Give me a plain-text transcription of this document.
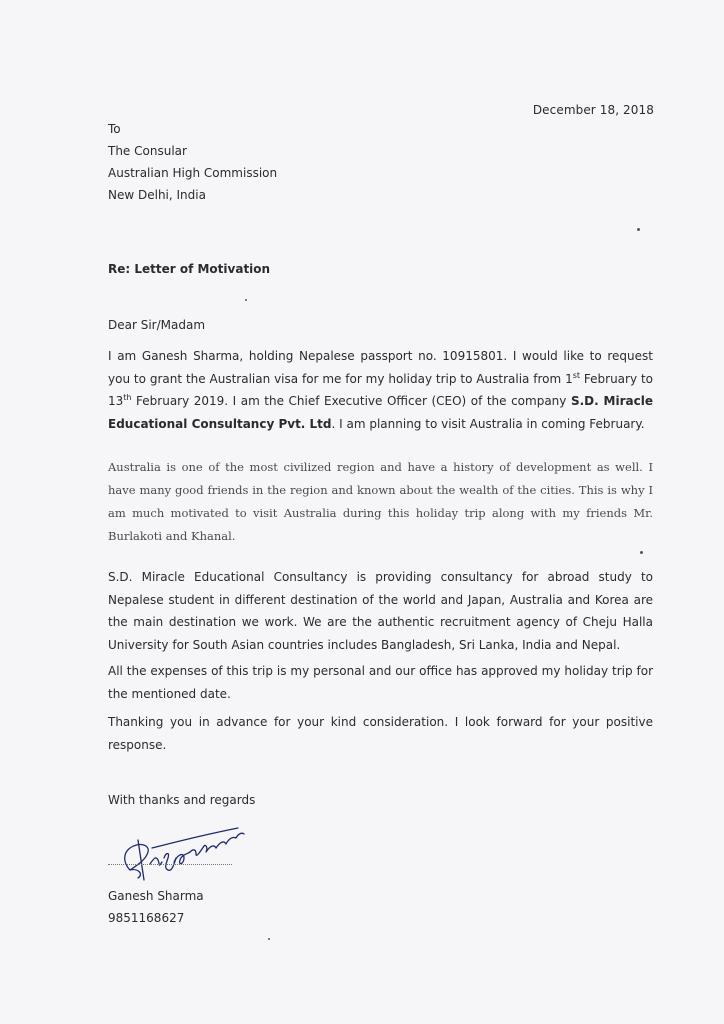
December 18, 2018
To
The Consular
Australian High Commission
New Delhi, India
Re: Letter of Motivation
Dear Sir/Madam

I am Ganesh Sharma, holding Nepalese passport no. 10915801. I would like to request you to grant the Australian visa for me for my holiday trip to Australia from 1st February to 13th February 2019. I am the Chief Executive Officer (CEO) of the company S.D. Miracle Educational Consultancy Pvt. Ltd. I am planning to visit Australia in coming February.

Australia is one of the most civilized region and have a history of development as well. I have many good friends in the region and known about the wealth of the cities. This is why I am much motivated to visit Australia during this holiday trip along with my friends Mr. Burlakoti and Khanal.

S.D. Miracle Educational Consultancy is providing consultancy for abroad study to Nepalese student in different destination of the world and Japan, Australia and Korea are the main destination we work. We are the authentic recruitment agency of Cheju Halla University for South Asian countries includes Bangladesh, Sri Lanka, India and Nepal.

All the expenses of this trip is my personal and our office has approved my holiday trip for the mentioned date.

Thanking you in advance for your kind consideration. I look forward for your positive response.

With thanks and regards
Ganesh Sharma
9851168627
